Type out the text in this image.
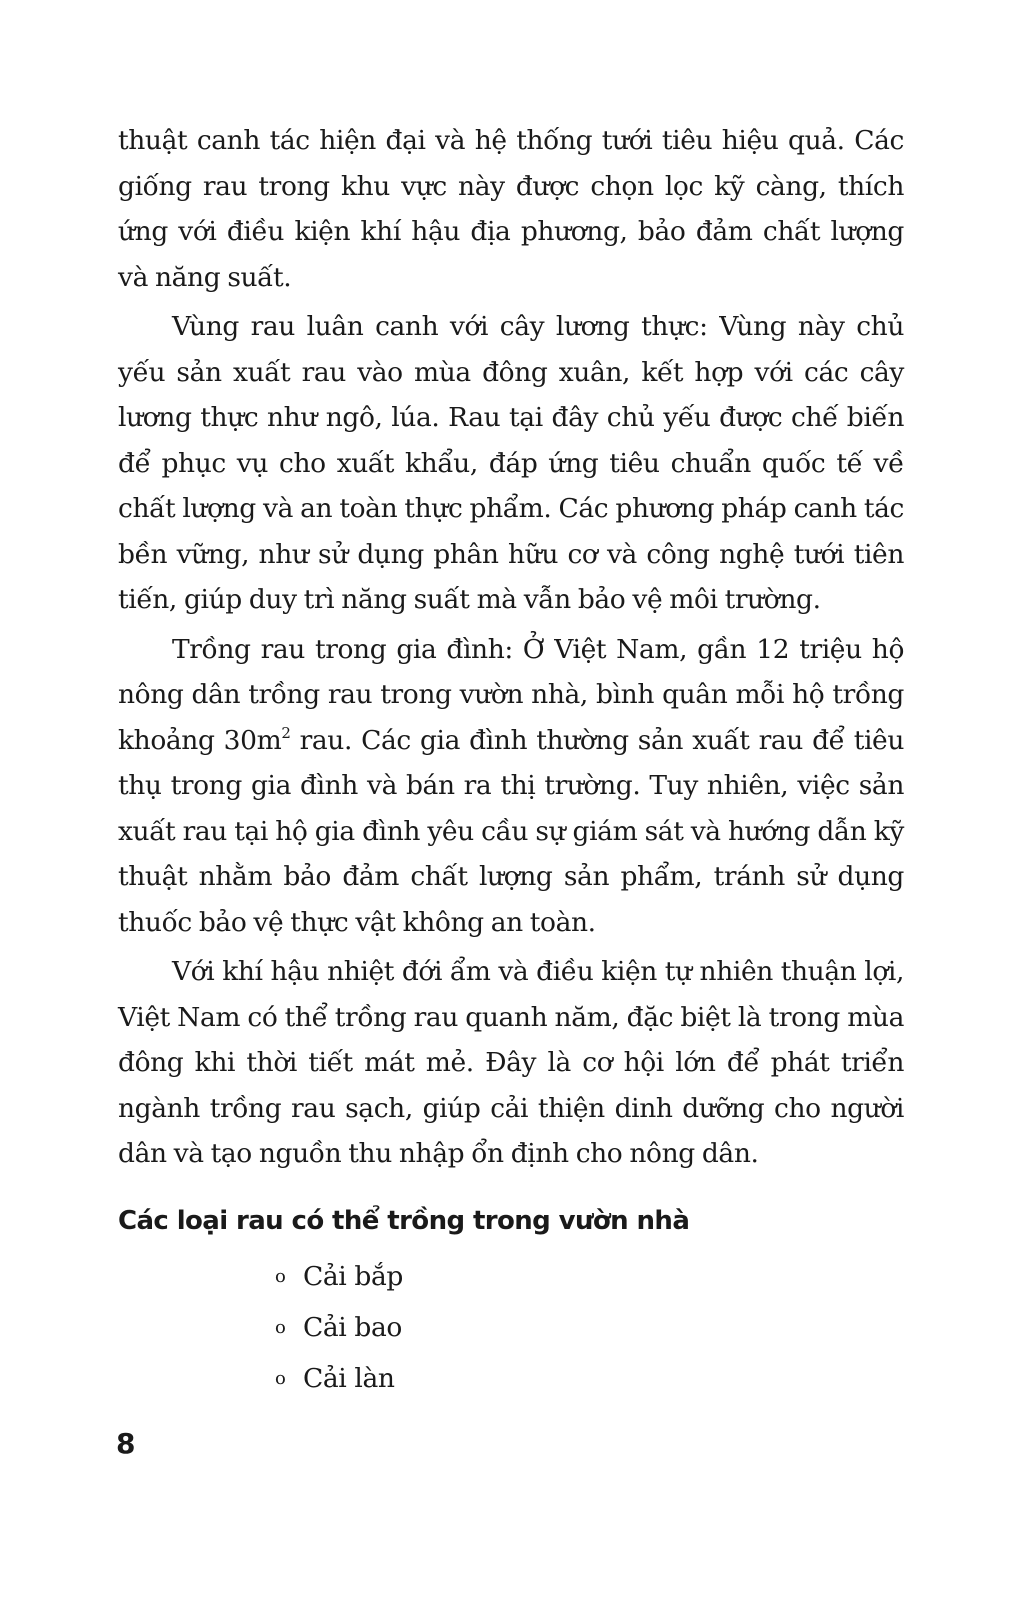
thuật canh tác hiện đại và hệ thống tưới tiêu hiệu quả. Các giống rau trong khu vực này được chọn lọc kỹ càng, thích ứng với điều kiện khí hậu địa phương, bảo đảm chất lượng và năng suất.

Vùng rau luân canh với cây lương thực: Vùng này chủ yếu sản xuất rau vào mùa đông xuân, kết hợp với các cây lương thực như ngô, lúa. Rau tại đây chủ yếu được chế biến để phục vụ cho xuất khẩu, đáp ứng tiêu chuẩn quốc tế về chất lượng và an toàn thực phẩm. Các phương pháp canh tác bền vững, như sử dụng phân hữu cơ và công nghệ tưới tiên tiến, giúp duy trì năng suất mà vẫn bảo vệ môi trường.

Trồng rau trong gia đình: Ở Việt Nam, gần 12 triệu hộ nông dân trồng rau trong vườn nhà, bình quân mỗi hộ trồng khoảng $30m^2$ rau. Các gia đình thường sản xuất rau để tiêu thụ trong gia đình và bán ra thị trường. Tuy nhiên, việc sản xuất rau tại hộ gia đình yêu cầu sự giám sát và hướng dẫn kỹ thuật nhằm bảo đảm chất lượng sản phẩm, tránh sử dụng thuốc bảo vệ thực vật không an toàn.

Với khí hậu nhiệt đới ẩm và điều kiện tự nhiên thuận lợi, Việt Nam có thể trồng rau quanh năm, đặc biệt là trong mùa đông khi thời tiết mát mẻ. Đây là cơ hội lớn để phát triển ngành trồng rau sạch, giúp cải thiện dinh dưỡng cho người dân và tạo nguồn thu nhập ổn định cho nông dân.

Các loại rau có thể trồng trong vườn nhà
o Cải bắp
o Cải bao
o Cải làn
8
